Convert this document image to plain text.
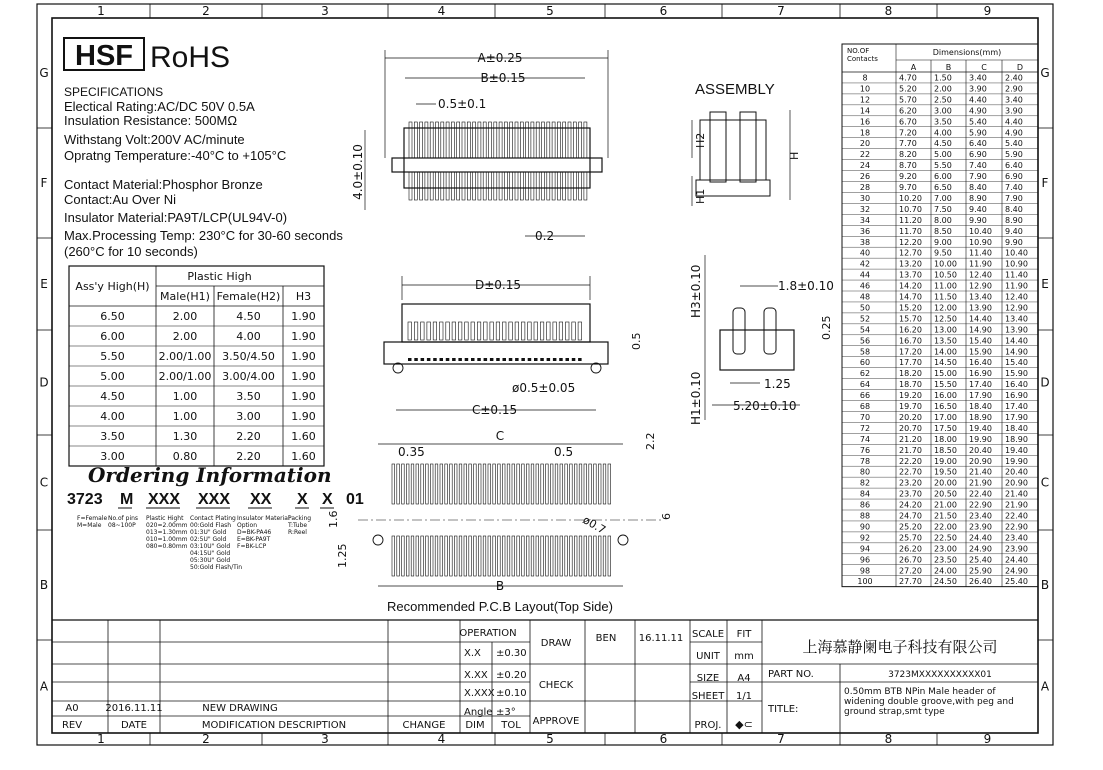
1
1
2
2
3
3
4
4
5
5
6
6
7
7
8
8
9
9
G	G
F	F
E	E
D	D
C	C
B	B
A	A
HSF RoHS
SPECIFICATIONS
Electical Rating:AC/DC 50V 0.5A
Insulation Resistance: 500MΩ
Withstang Volt:200V AC/minute
Opratng Temperature:-40°C to +105°C
Contact Material:Phosphor Bronze
Contact:Au Over Ni
Insulator Material:PA9T/LCP(UL94V-0)
Max.Processing Temp: 230°C for 30-60 seconds
(260°C for 10 seconds)
Ass'y High(H)
Plastic High
Male(H1) Female(H2) H3
6.50	2.00	4.50	1.90
6.00	2.00	4.00	1.90
5.50	2.00/1.00 3.50/4.50 1.90
5.00	2.00/1.00 3.00/4.00 1.90
4.50	1.00	3.50	1.90
4.00	1.00	3.00	1.90
3.50	1.30	2.20	1.60
3.00	0.80	2.20	1.60
Ordering Information
3723 M XXX XXX XX X X 01
F=Female
M=Male
No.of pins
08~100P
Plastic Hight
020=2.00mm
013=1.30mm
010=1.00mm
080=0.80mm
Contact Plating
00:Gold Flash
01:3U" Gold
02:5U" Gold
03:10U" Gold
04:15U" Gold
05:30U" Gold
50:Gold Flash/Tin
Insulator Material
Option
D=BK-PA46
E=BK-PA9T
F=BK-LCP
Packing
T:Tube
R:Reel
A±0.25
B±0.15
0.5±0.1
4.0±0.10
0.2
ASSEMBLY
H2
H1
H
D±0.15
C±0.15
ø0.5±0.05
0.5
H3±0.10
H1±0.10
1.8±0.10
0.25
1.25
5.20±0.10
C
0.35	0.5
2.2
1.6
1.25
6
ø0.7
B
Recommended P.C.B Layout(Top Side)
NO.OF
Contacts
Dimensions(mm)
A	B	C	D
8	4.70 1.50 3.40 2.40
10	5.20 2.00 3.90 2.90
12	5.70 2.50 4.40 3.40
14	6.20 3.00 4.90 3.90
16	6.70 3.50 5.40 4.40
18	7.20 4.00 5.90 4.90
20	7.70 4.50 6.40 5.40
22	8.20 5.00 6.90 5.90
24	8.70 5.50 7.40 6.40
26	9.20 6.00 7.90 6.90
28	9.70 6.50 8.40 7.40
30	10.20 7.00 8.90 7.90
32	10.70 7.50 9.40 8.40
34	11.20 8.00 9.90 8.90
36	11.70 8.50 10.40 9.40
38	12.20 9.00 10.90 9.90
40	12.70 9.50 11.40 10.40
42	13.20 10.00 11.90 10.90
44	13.70 10.50 12.40 11.40
46	14.20 11.00 12.90 11.90
48	14.70 11.50 13.40 12.40
50	15.20 12.00 13.90 12.90
52	15.70 12.50 14.40 13.40
54	16.20 13.00 14.90 13.90
56	16.70 13.50 15.40 14.40
58	17.20 14.00 15.90 14.90
60	17.70 14.50 16.40 15.40
62	18.20 15.00 16.90 15.90
64	18.70 15.50 17.40 16.40
66	19.20 16.00 17.90 16.90
68	19.70 16.50 18.40 17.40
70	20.20 17.00 18.90 17.90
72	20.70 17.50 19.40 18.40
74	21.20 18.00 19.90 18.90
76	21.70 18.50 20.40 19.40
78	22.20 19.00 20.90 19.90
80	22.70 19.50 21.40 20.40
82	23.20 20.00 21.90 20.90
84	23.70 20.50 22.40 21.40
86	24.20 21.00 22.90 21.90
88	24.70 21.50 23.40 22.40
90	25.20 22.00 23.90 22.90
92	25.70 22.50 24.40 23.40
94	26.20 23.00 24.90 23.90
96	26.70 23.50 25.40 24.40
98	27.20 24.00 25.90 24.90
100	27.70 24.50 26.40 25.40
REV	DATE	MODIFICATION DESCRIPTION	CHANGE
A0	2016.11.11	NEW DRAWING
OPERATION
X.X ±0.30
X.XX ±0.20
X.XXX ±0.10
Angle ±3°
DIM TOL
DRAW
CHECK
APPROVE
BEN 16.11.11 SCALE FIT
UNIT mm
SIZE A4
SHEET 1/1
PROJ. ◆⊂
上海慕静阑电子科技有限公司
PART NO.	3723MXXXXXXXXXX01
TITLE:
0.50mm BTB NPin Male header of
widening double groove,with peg and
ground strap,smt type
